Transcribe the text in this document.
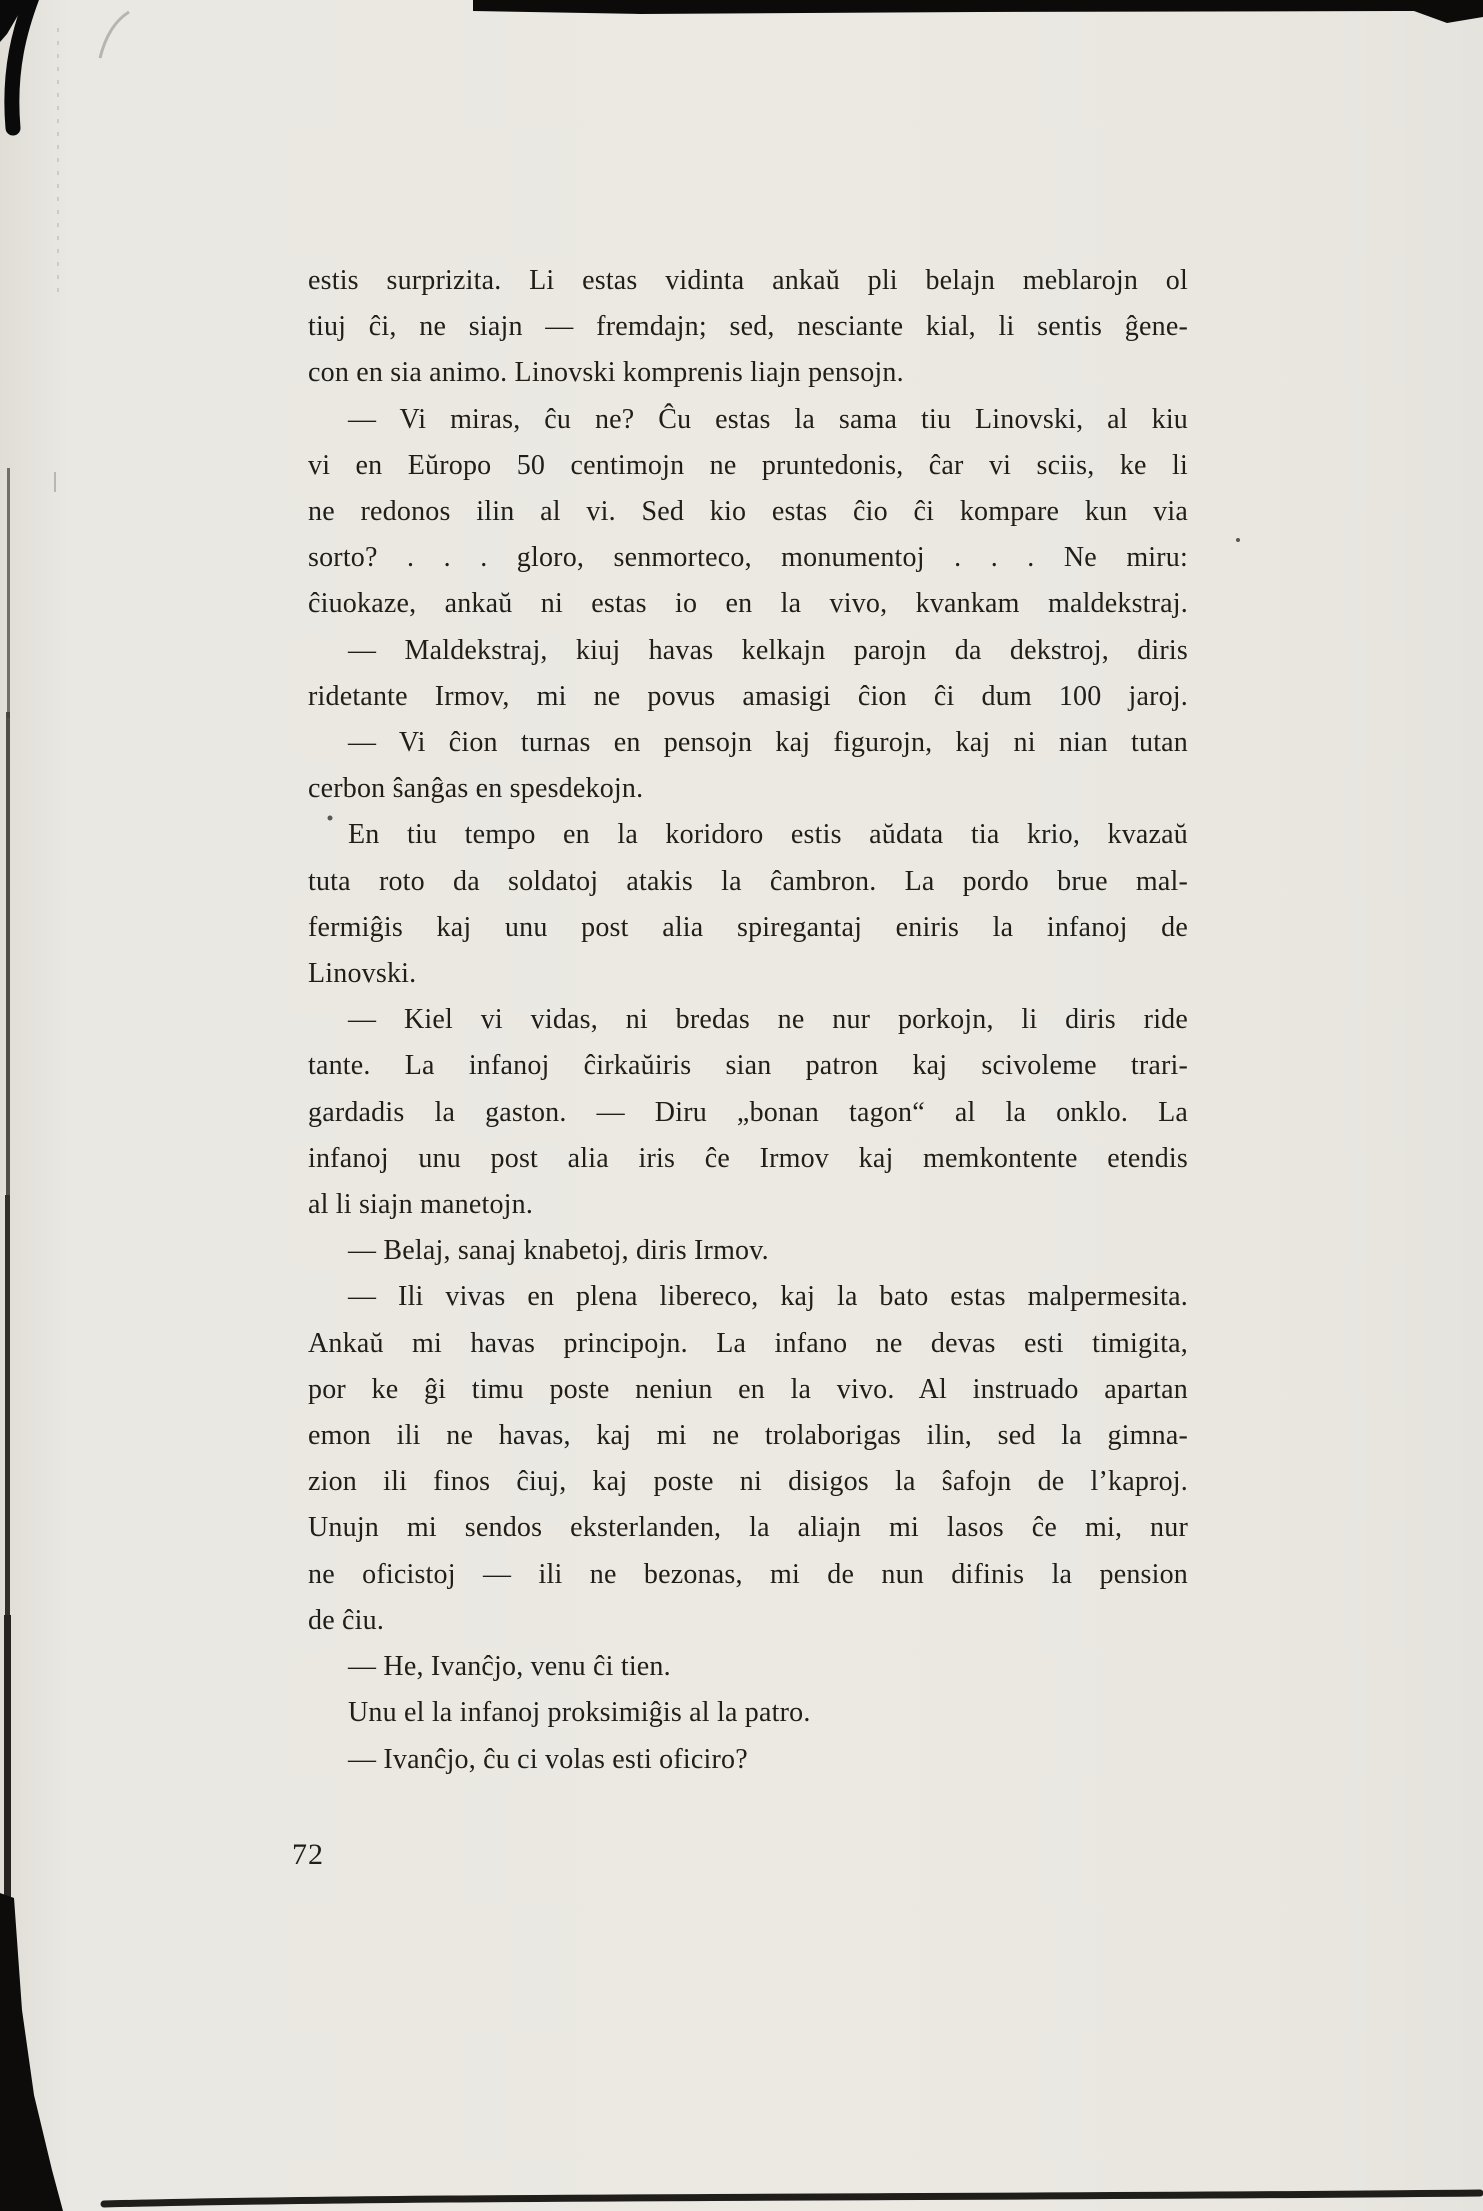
estis surprizita. Li estas vidinta ankaŭ pli belajn meblarojn ol
tiuj ĉi, ne siajn — fremdajn; sed, nesciante kial, li sentis ĝene-
con en sia animo. Linovski komprenis liajn pensojn.
— Vi miras, ĉu ne? Ĉu estas la sama tiu Linovski, al kiu
vi en Eŭropo 50 centimojn ne pruntedonis, ĉar vi sciis, ke li
ne redonos ilin al vi. Sed kio estas ĉio ĉi kompare kun via
sorto? . . . gloro, senmorteco, monumentoj . . . Ne miru:
ĉiuokaze, ankaŭ ni estas io en la vivo, kvankam maldekstraj.
— Maldekstraj, kiuj havas kelkajn parojn da dekstroj, diris
ridetante Irmov, mi ne povus amasigi ĉion ĉi dum 100 jaroj.
— Vi ĉion turnas en pensojn kaj figurojn, kaj ni nian tutan
cerbon ŝanĝas en spesdekojn.
En tiu tempo en la koridoro estis aŭdata tia krio, kvazaŭ
tuta roto da soldatoj atakis la ĉambron. La pordo brue mal-
fermiĝis kaj unu post alia spiregantaj eniris la infanoj de
Linovski.
— Kiel vi vidas, ni bredas ne nur porkojn, li diris ride
tante. La infanoj ĉirkaŭiris sian patron kaj scivoleme trari-
gardadis la gaston. — Diru „bonan tagon“ al la onklo. La
infanoj unu post alia iris ĉe Irmov kaj memkontente etendis
al li siajn manetojn.
— Belaj, sanaj knabetoj, diris Irmov.
— Ili vivas en plena libereco, kaj la bato estas malpermesita.
Ankaŭ mi havas principojn. La infano ne devas esti timigita,
por ke ĝi timu poste neniun en la vivo. Al instruado apartan
emon ili ne havas, kaj mi ne trolaborigas ilin, sed la gimna-
zion ili finos ĉiuj, kaj poste ni disigos la ŝafojn de l’kaproj.
Unujn mi sendos eksterlanden, la aliajn mi lasos ĉe mi, nur
ne oficistoj — ili ne bezonas, mi de nun difinis la pension
de ĉiu.
— He, Ivanĉjo, venu ĉi tien.
Unu el la infanoj proksimiĝis al la patro.
— Ivanĉjo, ĉu ci volas esti oficiro?
72
